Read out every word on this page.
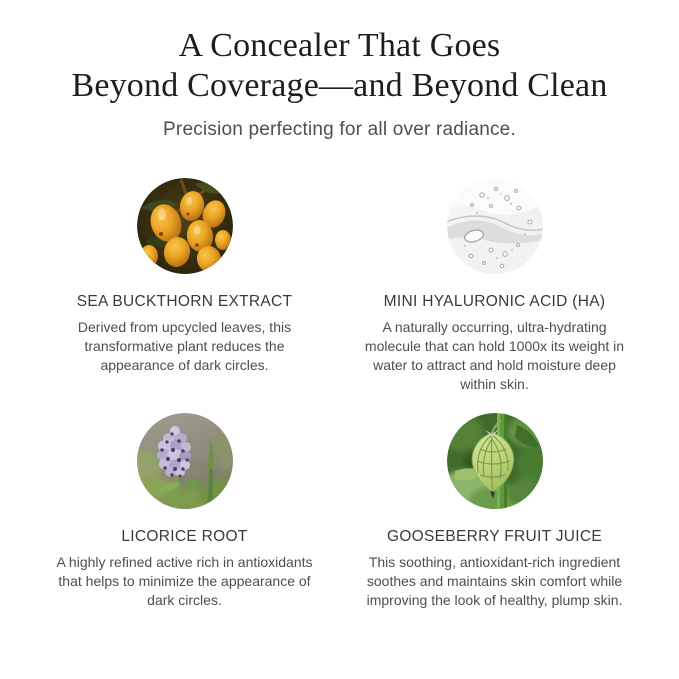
A Concealer That Goes
Beyond Coverage—and Beyond Clean
Precision perfecting for all over radiance.
SEA BUCKTHORN EXTRACT

Derived from upcycled leaves, this transformative plant reduces the appearance of dark circles.

MINI HYALURONIC ACID (HA)

A naturally occurring, ultra-hydrating molecule that can hold 1000x its weight in water to attract and hold moisture deep within skin.

LICORICE ROOT

A highly refined active rich in antioxidants that helps to minimize the appearance of dark circles.

GOOSEBERRY FRUIT JUICE

This soothing, antioxidant-rich ingredient soothes and maintains skin comfort while improving the look of healthy, plump skin.
